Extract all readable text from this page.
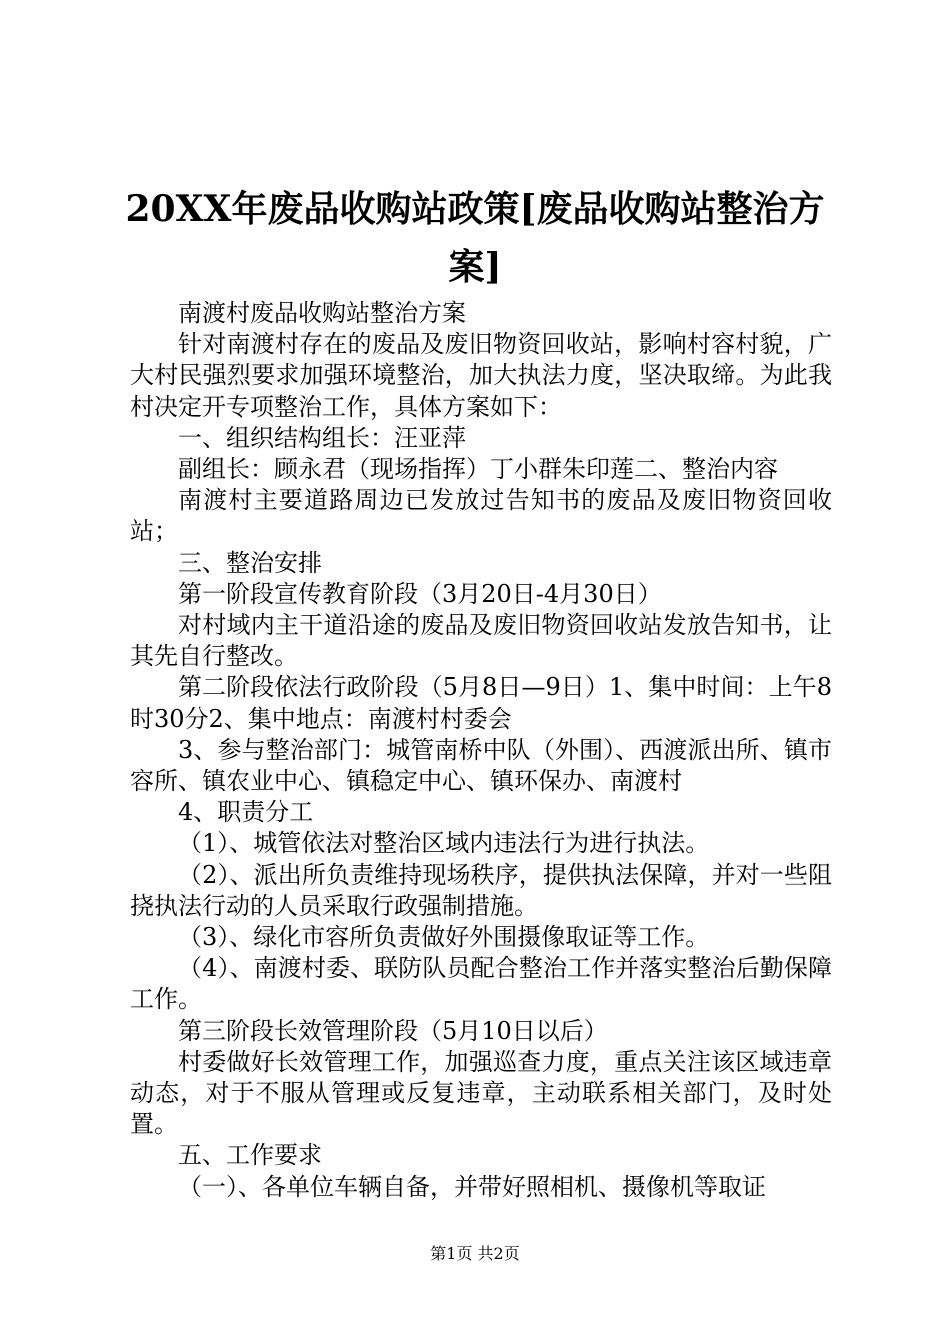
20XX年废品收购站政策[废品收购站整治方案]

南渡村废品收购站整治方案

针对南渡村存在的废品及废旧物资回收站，影响村容村貌，广大村民强烈要求加强环境整治，加大执法力度，坚决取缔。为此我村决定开专项整治工作，具体方案如下：

一、组织结构组长：汪亚萍

副组长：顾永君（现场指挥）丁小群朱印莲二、整治内容

南渡村主要道路周边已发放过告知书的废品及废旧物资回收站；

三、整治安排

第一阶段宣传教育阶段（3月20日-4月30日）

对村域内主干道沿途的废品及废旧物资回收站发放告知书，让其先自行整改。

第二阶段依法行政阶段（5月8日—9日）1、集中时间：上午8时30分2、集中地点：南渡村村委会

3、参与整治部门：城管南桥中队（外围）、西渡派出所、镇市容所、镇农业中心、镇稳定中心、镇环保办、南渡村

4、职责分工

（1）、城管依法对整治区域内违法行为进行执法。

（2）、派出所负责维持现场秩序，提供执法保障，并对一些阻挠执法行动的人员采取行政强制措施。

（3）、绿化市容所负责做好外围摄像取证等工作。

（4）、南渡村委、联防队员配合整治工作并落实整治后勤保障工作。

第三阶段长效管理阶段（5月10日以后）

村委做好长效管理工作，加强巡查力度，重点关注该区域违章动态，对于不服从管理或反复违章，主动联系相关部门，及时处置。

五、工作要求

（一）、各单位车辆自备，并带好照相机、摄像机等取证

第1页 共2页
